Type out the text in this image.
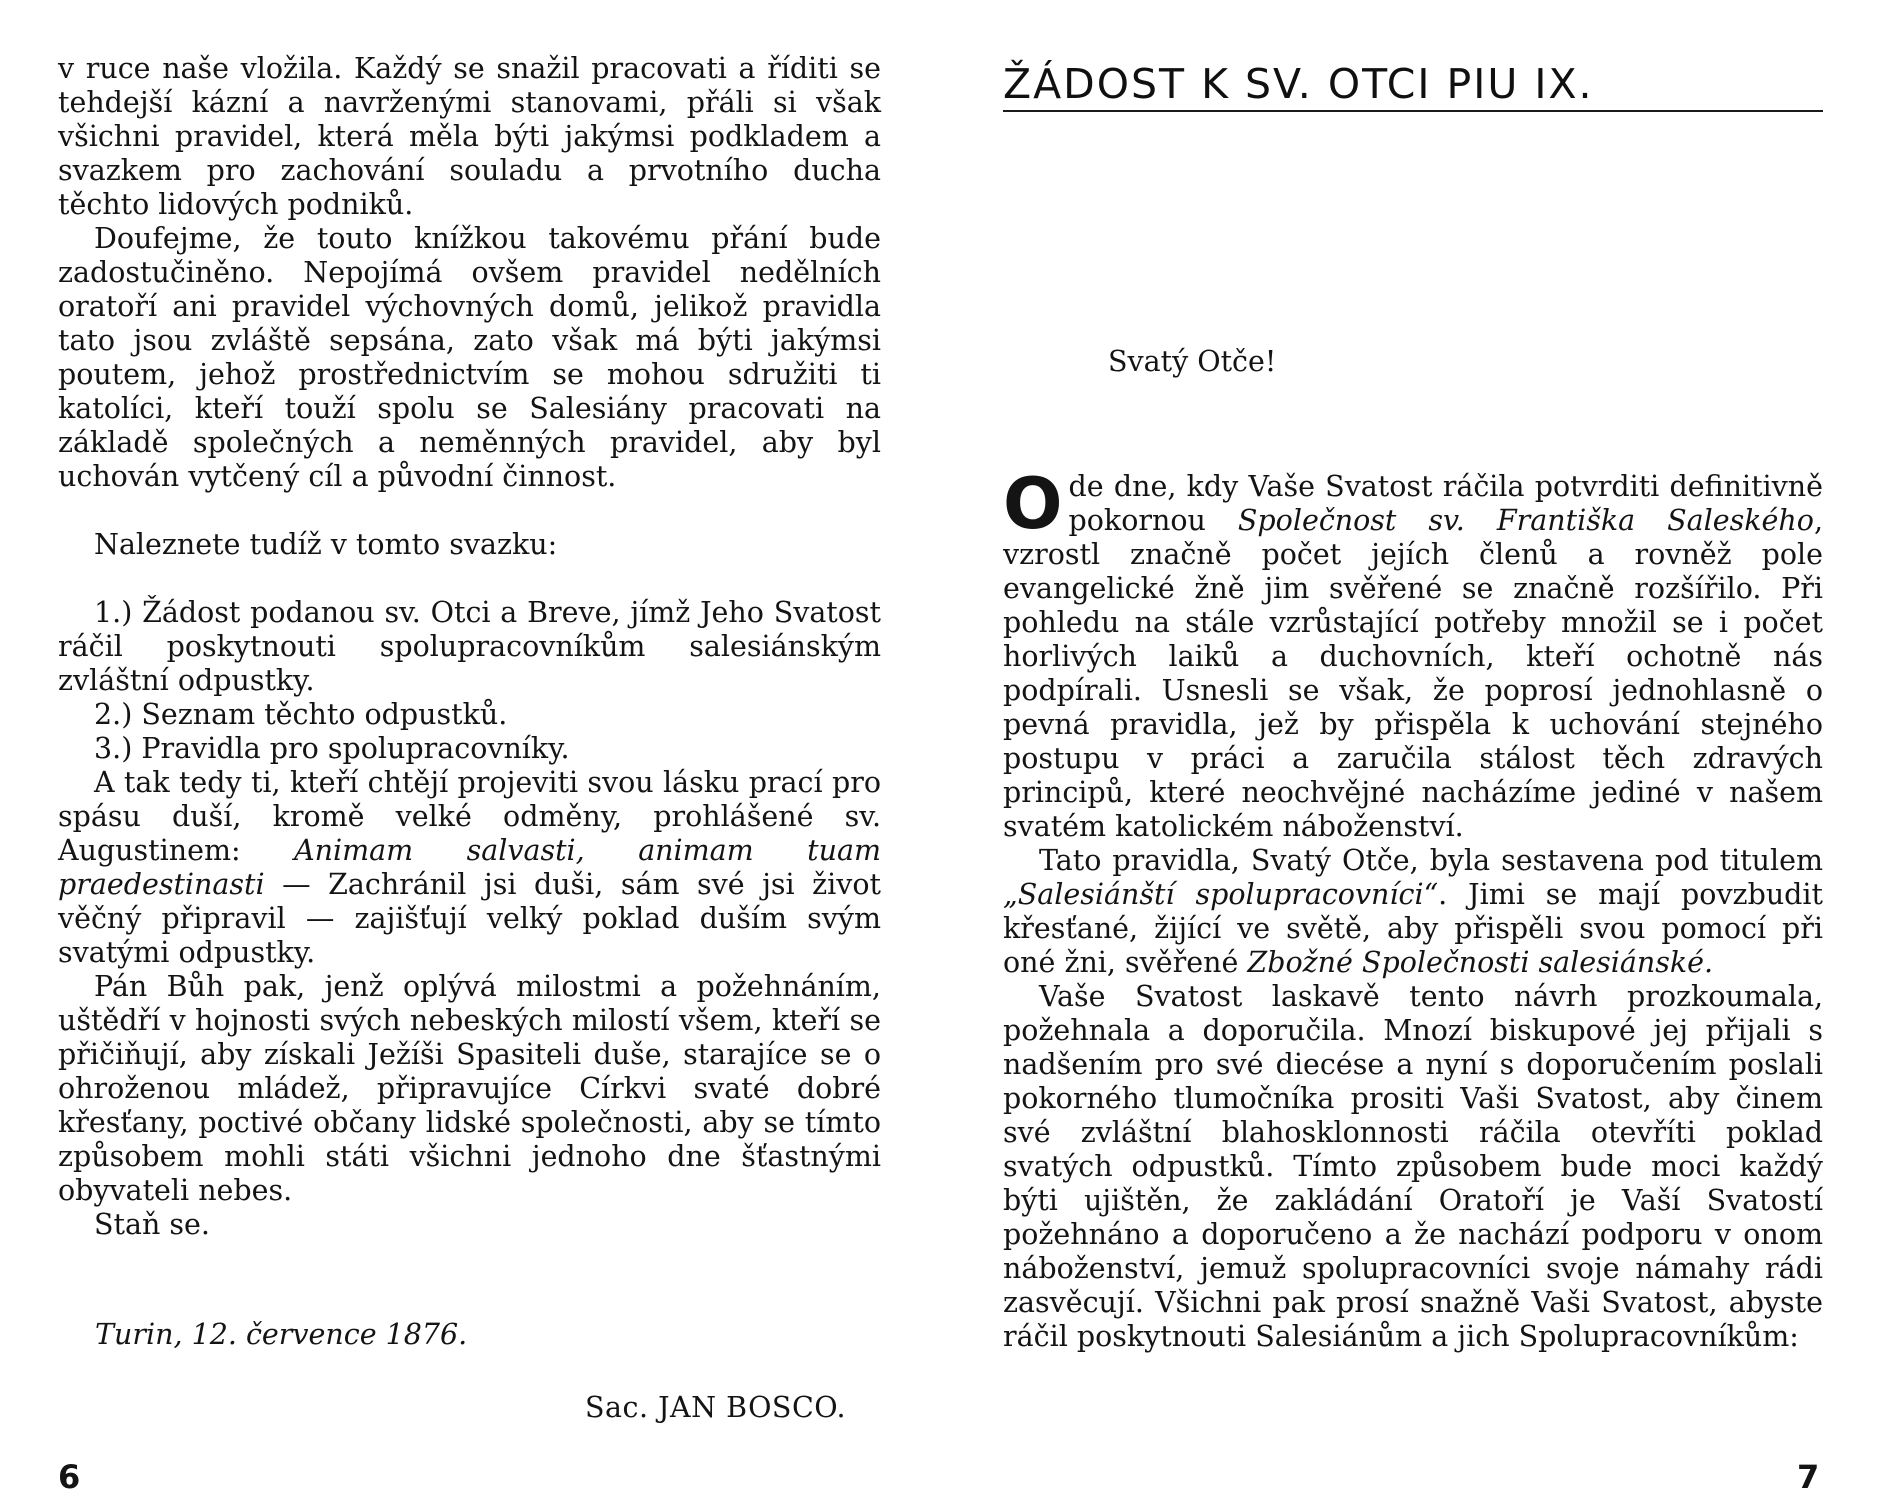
v ruce naše vložila. Každý se snažil pracovati a říditi se tehdejší kázní a navrženými stanovami, přáli si však všichni pravidel, která měla býti jakýmsi podkladem a svazkem pro zachování souladu a prvotního ducha těchto lidových podniků.

Doufejme, že touto knížkou takovému přání bude zadostučiněno. Nepojímá ovšem pravidel nedělních oratoří ani pravidel výchovných domů, jelikož pravidla tato jsou zvláště sepsána, zato však má býti jakýmsi poutem, jehož prostřednictvím se mohou sdružiti ti katolíci, kteří touží spolu se Salesiány pracovati na základě společných a neměnných pravidel, aby byl uchován vytčený cíl a původní činnost.

Naleznete tudíž v tomto svazku:

1.) Žádost podanou sv. Otci a Breve, jímž Jeho Svatost ráčil poskytnouti spolupracovníkům salesiánským zvláštní odpustky.

2.) Seznam těchto odpustků.

3.) Pravidla pro spolupracovníky.

A tak tedy ti, kteří chtějí projeviti svou lásku prací pro spásu duší, kromě velké odměny, prohlášené sv. Augustinem: Animam salvasti, animam tuam praedestinasti — Zachránil jsi duši, sám své jsi život věčný připravil — zajišťují velký poklad duším svým svatými odpustky.

Pán Bůh pak, jenž oplývá milostmi a požehnáním, uštědří v hojnosti svých nebeských milostí všem, kteří se přičiňují, aby získali Ježíši Spasiteli duše, starajíce se o ohroženou mládež, připravujíce Církvi svaté dobré křesťany, poctivé občany lidské společnosti, aby se tímto způsobem mohli státi všichni jednoho dne šťastnými obyvateli nebes.

Staň se.

Turin, 12. července 1876.
Sac. JAN BOSCO.
6
ŽÁDOST K SV. OTCI PIU IX.
Svatý Otče!

Ode dne, kdy Vaše Svatost ráčila potvrditi definitivně pokornou Společnost sv. Františka Saleského, vzrostl značně počet jejích členů a rovněž pole evangelické žně jim svěřené se značně rozšířilo. Při pohledu na stále vzrůstající potřeby množil se i počet horlivých laiků a duchovních, kteří ochotně nás podpírali. Usnesli se však, že poprosí jednohlasně o pevná pravidla, jež by přispěla k uchování stejného postupu v práci a zaručila stálost těch zdravých principů, které neochvějné nacházíme jediné v našem svatém katolickém náboženství.

Tato pravidla, Svatý Otče, byla sestavena pod titulem „Salesiánští spolupracovníci“. Jimi se mají povzbudit křesťané, žijící ve světě, aby přispěli svou pomocí při oné žni, svěřené Zbožné Společnosti salesiánské.

Vaše Svatost laskavě tento návrh prozkoumala, požehnala a doporučila. Mnozí biskupové jej přijali s nadšením pro své diecése a nyní s doporučením poslali pokorného tlumočníka prositi Vaši Svatost, aby činem své zvláštní blahosklonnosti ráčila otevříti poklad svatých odpustků. Tímto způsobem bude moci každý býti ujištěn, že zakládání Oratoří je Vaší Svatostí požehnáno a doporučeno a že nachází podporu v onom náboženství, jemuž spolupracovníci svoje námahy rádi zasvěcují. Všichni pak prosí snažně Vaši Svatost, abyste ráčil poskytnouti Salesiánům a jich Spolupracovníkům:

7
